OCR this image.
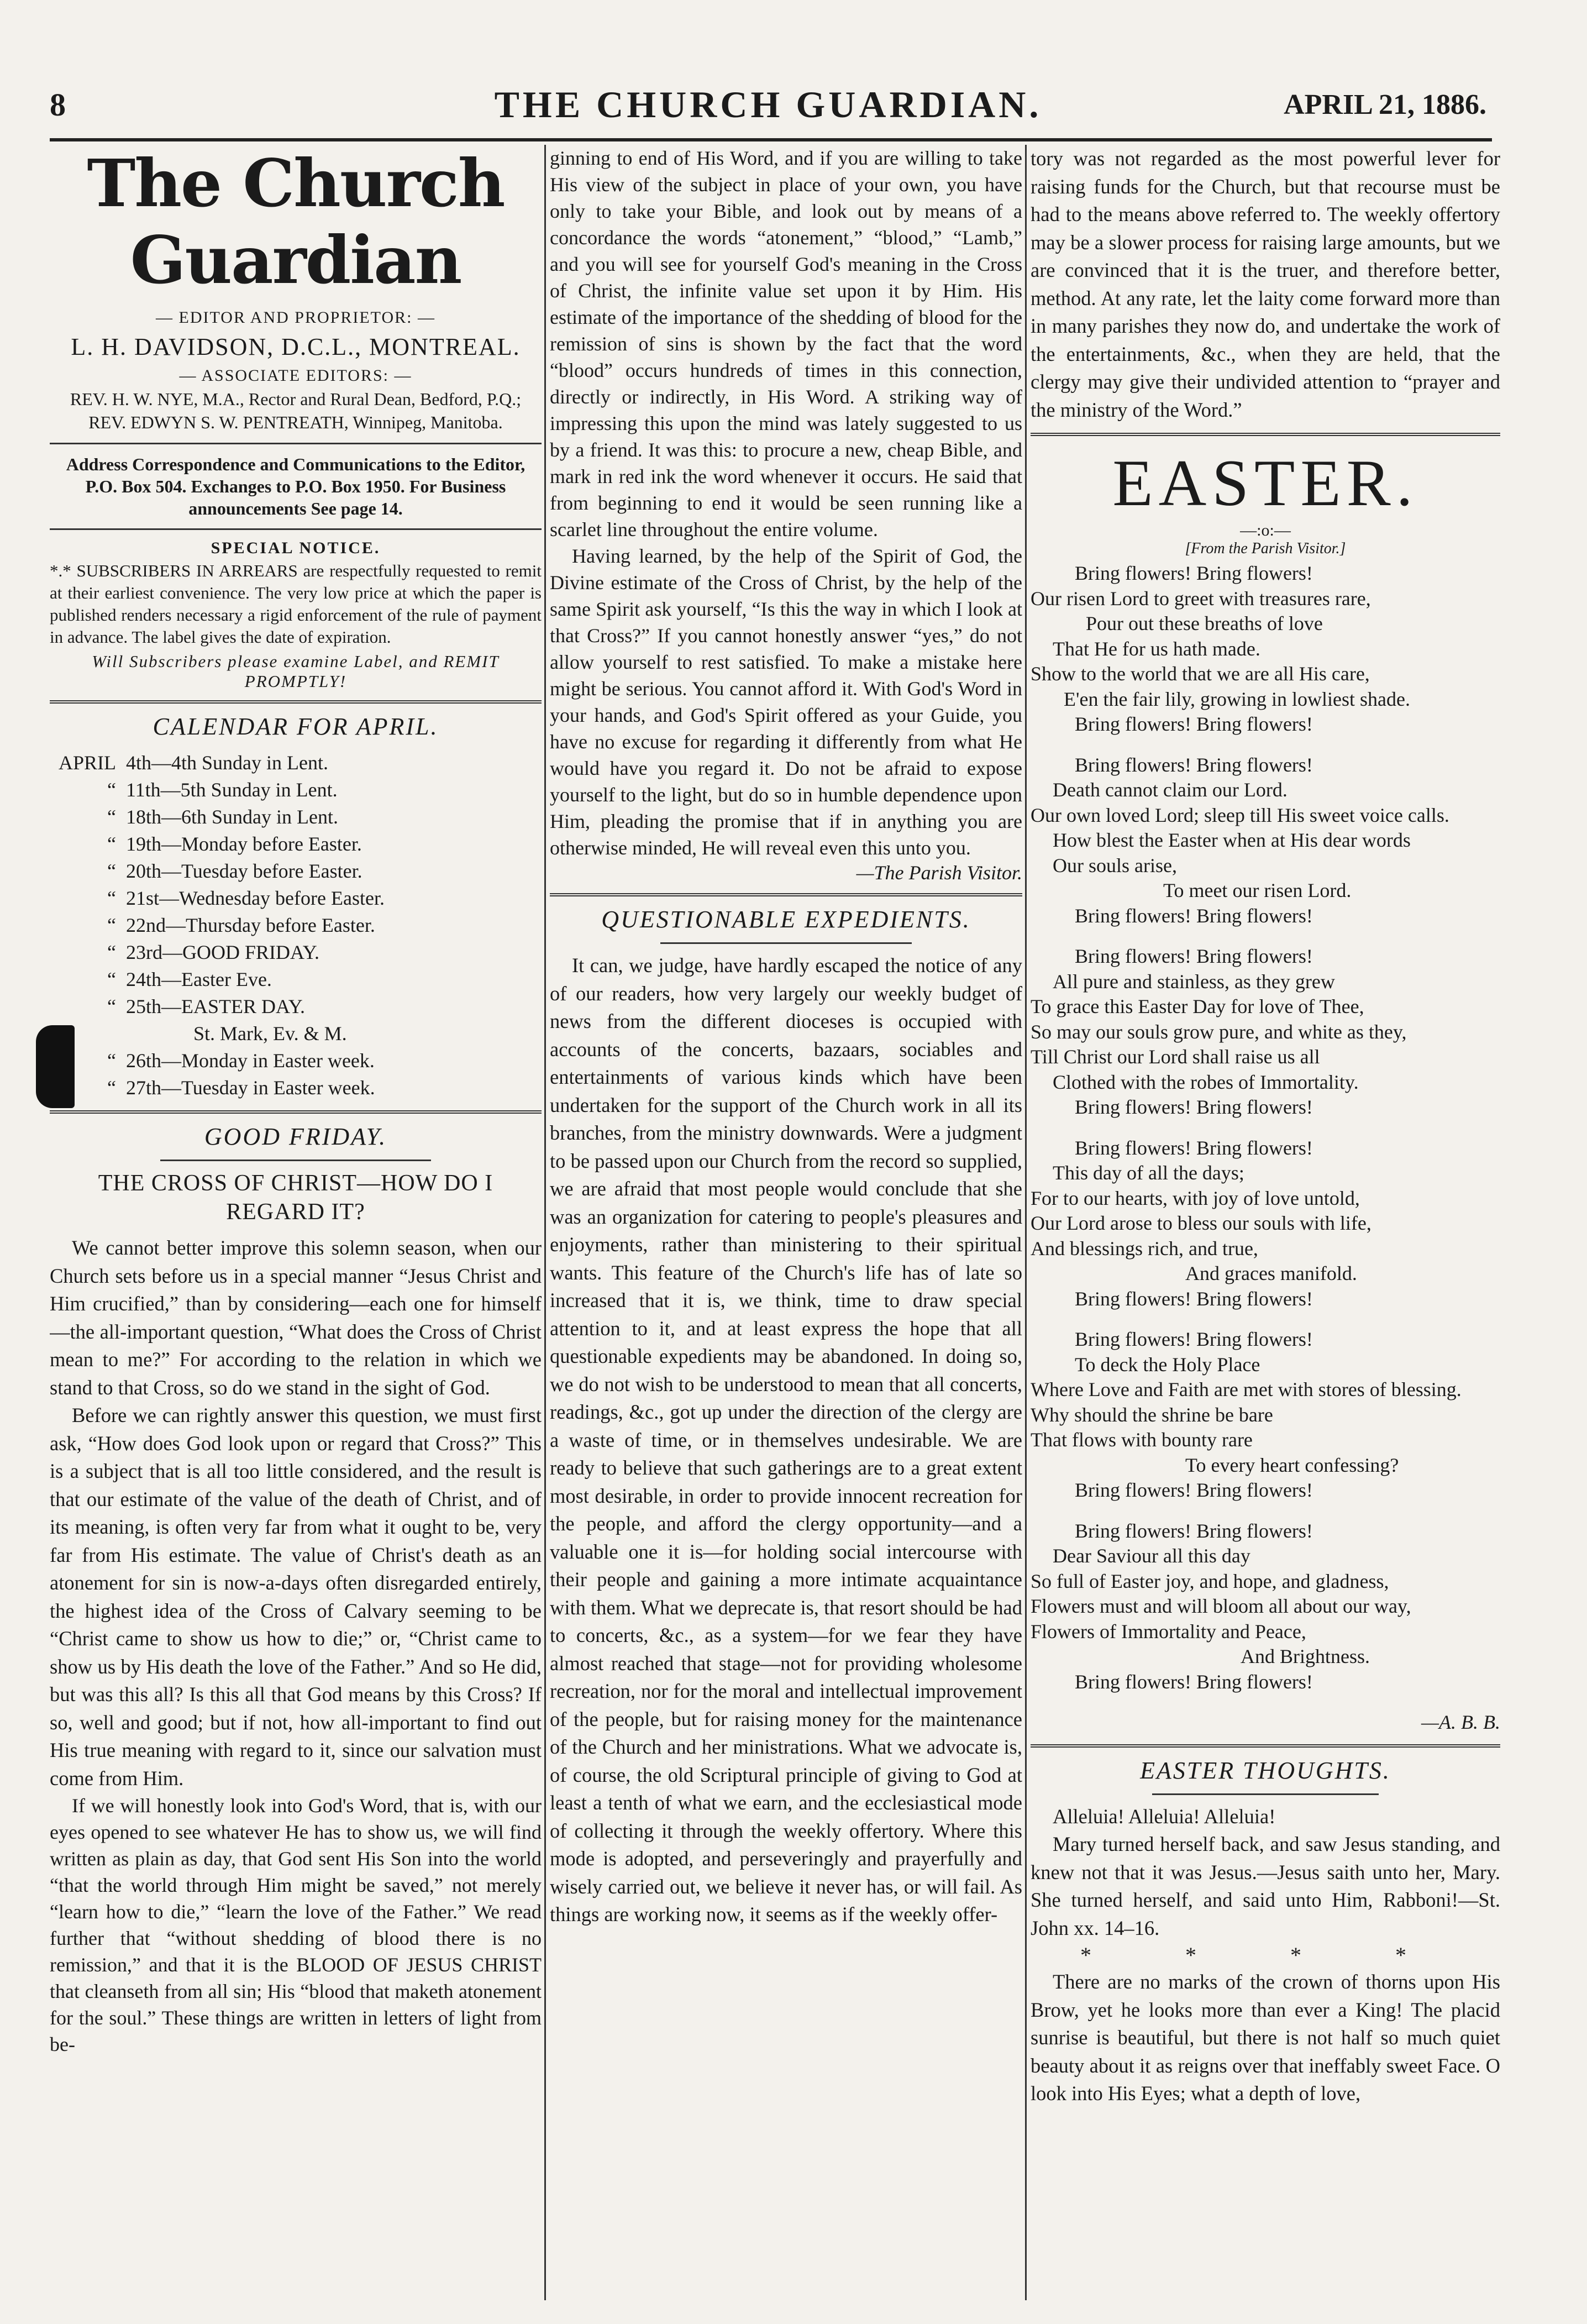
8	THE CHURCH GUARDIAN.	APRIL 21, 1886.
The Church Guardian
— EDITOR AND PROPRIETOR: —
L. H. DAVIDSON, D.C.L., MONTREAL.
— ASSOCIATE EDITORS: —
REV. H. W. NYE, M.A., Rector and Rural Dean, Bedford, P.Q.; REV. EDWYN S. W. PENTREATH, Winnipeg, Manitoba.
Address Correspondence and Communications to the Editor, P.O. Box 504. Exchanges to P.O. Box 1950. For Business announcements See page 14.
SPECIAL NOTICE.
*.* SUBSCRIBERS IN ARREARS are respectfully requested to remit at their earliest convenience. The very low price at which the paper is published renders necessary a rigid enforcement of the rule of payment in advance. The label gives the date of expiration.
Will Subscribers please examine Label, and REMIT PROMPTLY!
CALENDAR FOR APRIL.
APRIL 4th—4th Sunday in Lent.
“ 11th—5th Sunday in Lent.
“ 18th—6th Sunday in Lent.
“ 19th—Monday before Easter.
“ 20th—Tuesday before Easter.
“ 21st—Wednesday before Easter.
“ 22nd—Thursday before Easter.
“ 23rd—GOOD FRIDAY.
“ 24th—Easter Eve.
“ 25th—EASTER DAY.
St. Mark, Ev. & M.
“ 26th—Monday in Easter week.
“ 27th—Tuesday in Easter week.
GOOD FRIDAY.
THE CROSS OF CHRIST—HOW DO I REGARD IT?

We cannot better improve this solemn season, when our Church sets before us in a special manner “Jesus Christ and Him crucified,” than by considering—each one for himself—the all-important question, “What does the Cross of Christ mean to me?” For according to the relation in which we stand to that Cross, so do we stand in the sight of God.

Before we can rightly answer this question, we must first ask, “How does God look upon or regard that Cross?” This is a subject that is all too little considered, and the result is that our estimate of the value of the death of Christ, and of its meaning, is often very far from what it ought to be, very far from His estimate. The value of Christ's death as an atonement for sin is now-a-days often disregarded entirely, the highest idea of the Cross of Calvary seeming to be “Christ came to show us how to die;” or, “Christ came to show us by His death the love of the Father.” And so He did, but was this all? Is this all that God means by this Cross? If so, well and good; but if not, how all-important to find out His true meaning with regard to it, since our salvation must come from Him.

If we will honestly look into God's Word, that is, with our eyes opened to see whatever He has to show us, we will find written as plain as day, that God sent His Son into the world “that the world through Him might be saved,” not merely “learn how to die,” “learn the love of the Father.” We read further that “without shedding of blood there is no remission,” and that it is the BLOOD OF JESUS CHRIST that cleanseth from all sin; His “blood that maketh atonement for the soul.” These things are written in letters of light from be-

ginning to end of His Word, and if you are willing to take His view of the subject in place of your own, you have only to take your Bible, and look out by means of a concordance the words “atonement,” “blood,” “Lamb,” and you will see for yourself God's meaning in the Cross of Christ, the infinite value set upon it by Him. His estimate of the importance of the shedding of blood for the remission of sins is shown by the fact that the word “blood” occurs hundreds of times in this connection, directly or indirectly, in His Word. A striking way of impressing this upon the mind was lately suggested to us by a friend. It was this: to procure a new, cheap Bible, and mark in red ink the word whenever it occurs. He said that from beginning to end it would be seen running like a scarlet line throughout the entire volume.

Having learned, by the help of the Spirit of God, the Divine estimate of the Cross of Christ, by the help of the same Spirit ask yourself, “Is this the way in which I look at that Cross?” If you cannot honestly answer “yes,” do not allow yourself to rest satisfied. To make a mistake here might be serious. You cannot afford it. With God's Word in your hands, and God's Spirit offered as your Guide, you have no excuse for regarding it differently from what He would have you regard it. Do not be afraid to expose yourself to the light, but do so in humble dependence upon Him, pleading the promise that if in anything you are otherwise minded, He will reveal even this unto you.

—The Parish Visitor.
QUESTIONABLE EXPEDIENTS.

It can, we judge, have hardly escaped the notice of any of our readers, how very largely our weekly budget of news from the different dioceses is occupied with accounts of the concerts, bazaars, sociables and entertainments of various kinds which have been undertaken for the support of the Church work in all its branches, from the ministry downwards. Were a judgment to be passed upon our Church from the record so supplied, we are afraid that most people would conclude that she was an organization for catering to people's pleasures and enjoyments, rather than ministering to their spiritual wants. This feature of the Church's life has of late so increased that it is, we think, time to draw special attention to it, and at least express the hope that all questionable expedients may be abandoned. In doing so, we do not wish to be understood to mean that all concerts, readings, &c., got up under the direction of the clergy are a waste of time, or in themselves undesirable. We are ready to believe that such gatherings are to a great extent most desirable, in order to provide innocent recreation for the people, and afford the clergy opportunity—and a valuable one it is—for holding social intercourse with their people and gaining a more intimate acquaintance with them. What we deprecate is, that resort should be had to concerts, &c., as a system—for we fear they have almost reached that stage—not for providing wholesome recreation, nor for the moral and intellectual improvement of the people, but for raising money for the maintenance of the Church and her ministrations. What we advocate is, of course, the old Scriptural principle of giving to God at least a tenth of what we earn, and the ecclesiastical mode of collecting it through the weekly offertory. Where this mode is adopted, and perseveringly and prayerfully and wisely carried out, we believe it never has, or will fail. As things are working now, it seems as if the weekly offer-

tory was not regarded as the most powerful lever for raising funds for the Church, but that recourse must be had to the means above referred to. The weekly offertory may be a slower process for raising large amounts, but we are convinced that it is the truer, and therefore better, method. At any rate, let the laity come forward more than in many parishes they now do, and undertake the work of the entertainments, &c., when they are held, that the clergy may give their undivided attention to “prayer and the ministry of the Word.”

EASTER.
—:o:—
[From the Parish Visitor.]
Bring flowers! Bring flowers!
Our risen Lord to greet with treasures rare,
Pour out these breaths of love
That He for us hath made.
Show to the world that we are all His care,
E'en the fair lily, growing in lowliest shade.
Bring flowers! Bring flowers!
Bring flowers! Bring flowers!
Death cannot claim our Lord.
Our own loved Lord; sleep till His sweet voice calls.
How blest the Easter when at His dear words
Our souls arise,
To meet our risen Lord.
Bring flowers! Bring flowers!
Bring flowers! Bring flowers!
All pure and stainless, as they grew
To grace this Easter Day for love of Thee,
So may our souls grow pure, and white as they,
Till Christ our Lord shall raise us all
Clothed with the robes of Immortality.
Bring flowers! Bring flowers!
Bring flowers! Bring flowers!
This day of all the days;
For to our hearts, with joy of love untold,
Our Lord arose to bless our souls with life,
And blessings rich, and true,
And graces manifold.
Bring flowers! Bring flowers!
Bring flowers! Bring flowers!
To deck the Holy Place
Where Love and Faith are met with stores of blessing.
Why should the shrine be bare
That flows with bounty rare
To every heart confessing?
Bring flowers! Bring flowers!
Bring flowers! Bring flowers!
Dear Saviour all this day
So full of Easter joy, and hope, and gladness,
Flowers must and will bloom all about our way,
Flowers of Immortality and Peace,
And Brightness.
Bring flowers! Bring flowers!
—A. B. B.
EASTER THOUGHTS.

Alleluia! Alleluia! Alleluia!

Mary turned herself back, and saw Jesus standing, and knew not that it was Jesus.—Jesus saith unto her, Mary. She turned herself, and said unto Him, Rabboni!—St. John xx. 14–16.

* * * *

There are no marks of the crown of thorns upon His Brow, yet he looks more than ever a King! The placid sunrise is beautiful, but there is not half so much quiet beauty about it as reigns over that ineffably sweet Face. O look into His Eyes; what a depth of love,
